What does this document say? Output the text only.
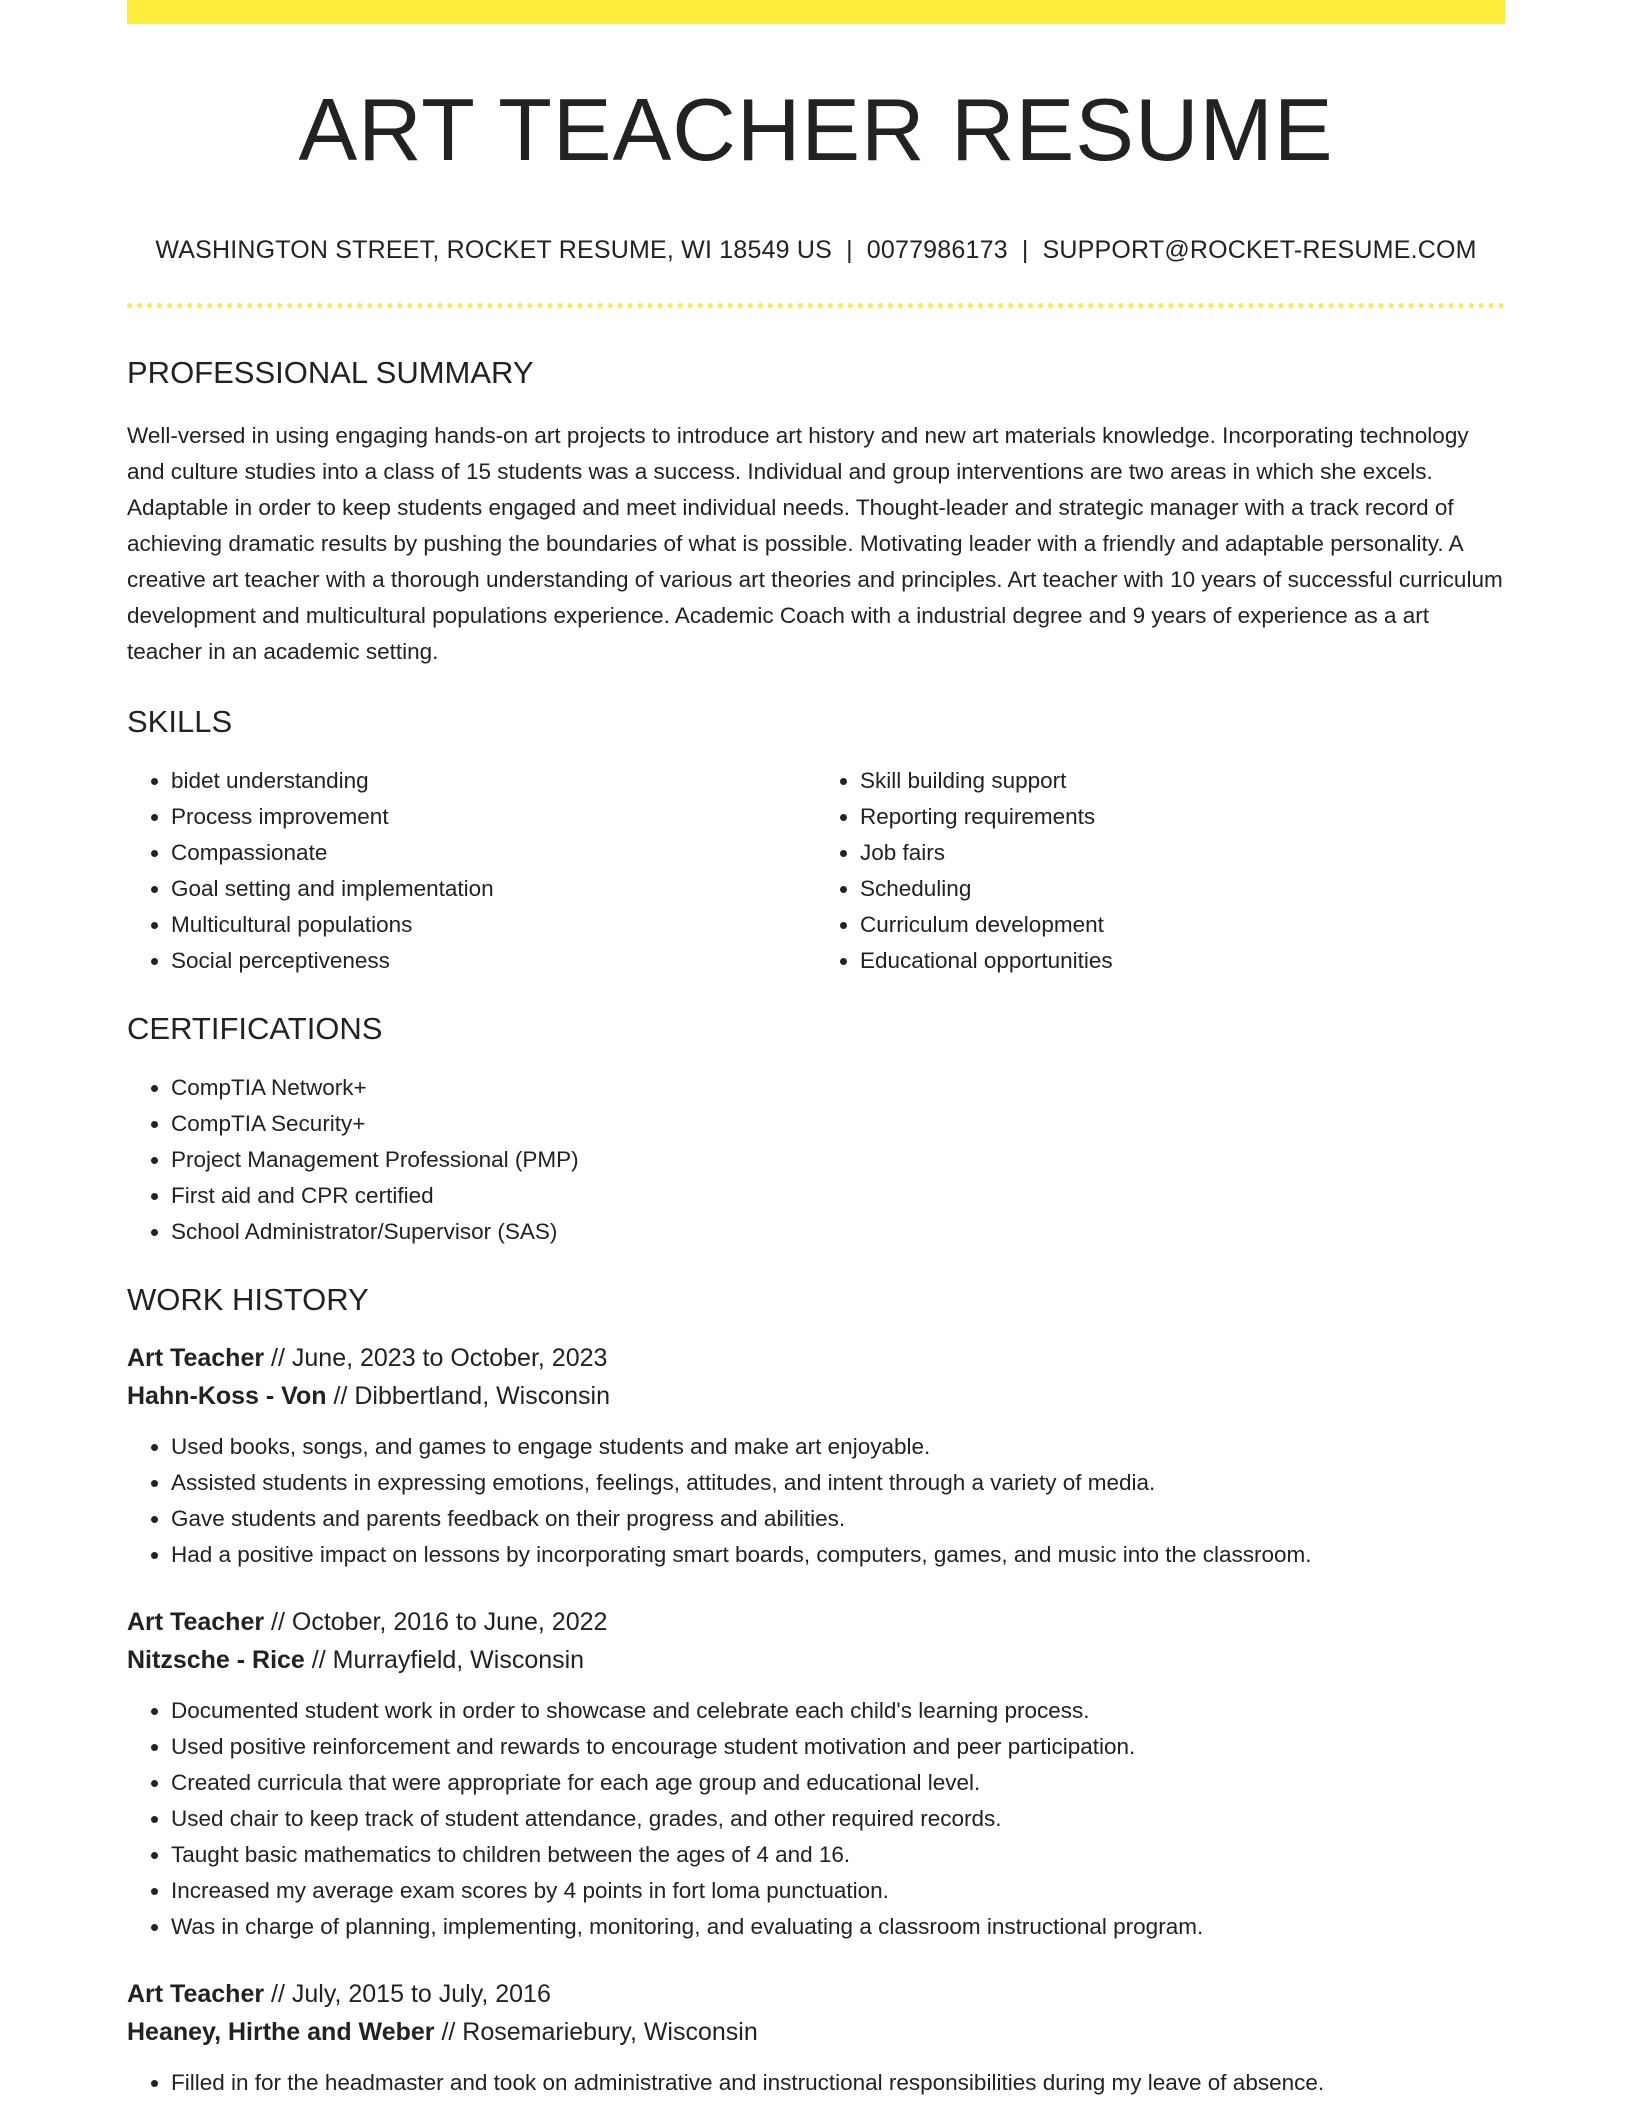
ART TEACHER RESUME
WASHINGTON STREET, ROCKET RESUME, WI 18549 US | 0077986173 | SUPPORT@ROCKET-RESUME.COM
PROFESSIONAL SUMMARY

Well-versed in using engaging hands-on art projects to introduce art history and new art materials knowledge. Incorporating technology and culture studies into a class of 15 students was a success. Individual and group interventions are two areas in which she excels. Adaptable in order to keep students engaged and meet individual needs. Thought-leader and strategic manager with a track record of achieving dramatic results by pushing the boundaries of what is possible. Motivating leader with a friendly and adaptable personality. A creative art teacher with a thorough understanding of various art theories and principles. Art teacher with 10 years of successful curriculum development and multicultural populations experience. Academic Coach with a industrial degree and 9 years of experience as a art teacher in an academic setting.

SKILLS
• bidet understanding
• Process improvement
• Compassionate
• Goal setting and implementation
• Multicultural populations
• Social perceptiveness
• Skill building support
• Reporting requirements
• Job fairs
• Scheduling
• Curriculum development
• Educational opportunities
CERTIFICATIONS
• CompTIA Network+
• CompTIA Security+
• Project Management Professional (PMP)
• First aid and CPR certified
• School Administrator/Supervisor (SAS)
WORK HISTORY
Art Teacher // June, 2023 to October, 2023
Hahn-Koss - Von // Dibbertland, Wisconsin
• Used books, songs, and games to engage students and make art enjoyable.
• Assisted students in expressing emotions, feelings, attitudes, and intent through a variety of media.
• Gave students and parents feedback on their progress and abilities.
• Had a positive impact on lessons by incorporating smart boards, computers, games, and music into the classroom.
Art Teacher // October, 2016 to June, 2022
Nitzsche - Rice // Murrayfield, Wisconsin
• Documented student work in order to showcase and celebrate each child's learning process.
• Used positive reinforcement and rewards to encourage student motivation and peer participation.
• Created curricula that were appropriate for each age group and educational level.
• Used chair to keep track of student attendance, grades, and other required records.
• Taught basic mathematics to children between the ages of 4 and 16.
• Increased my average exam scores by 4 points in fort loma punctuation.
• Was in charge of planning, implementing, monitoring, and evaluating a classroom instructional program.
Art Teacher // July, 2015 to July, 2016
Heaney, Hirthe and Weber // Rosemariebury, Wisconsin
• Filled in for the headmaster and took on administrative and instructional responsibilities during my leave of absence.
